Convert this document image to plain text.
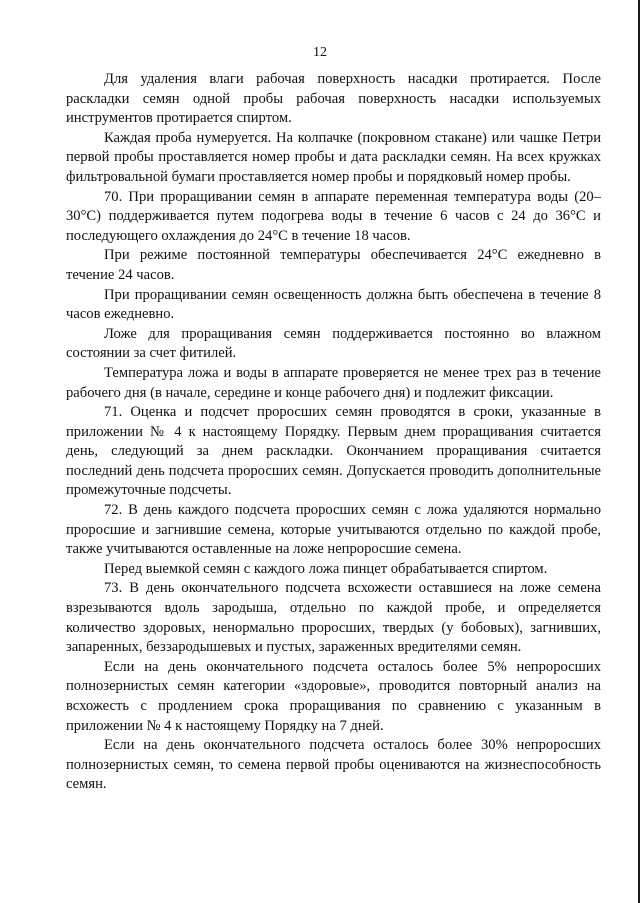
12

Для удаления влаги рабочая поверхность насадки протирается. После раскладки семян одной пробы рабочая поверхность насадки используемых инструментов протирается спиртом.

Каждая проба нумеруется. На колпачке (покровном стакане) или чашке Петри первой пробы проставляется номер пробы и дата раскладки семян. На всех кружках фильтровальной бумаги проставляется номер пробы и порядковый номер пробы.

70. При проращивании семян в аппарате переменная температура воды (20–30°С) поддерживается путем подогрева воды в течение 6 часов с 24 до 36°С и последующего охлаждения до 24°С в течение 18 часов.

При режиме постоянной температуры обеспечивается 24°С ежедневно в течение 24 часов.

При проращивании семян освещенность должна быть обеспечена в течение 8 часов ежедневно.

Ложе для проращивания семян поддерживается постоянно во влажном состоянии за счет фитилей.

Температура ложа и воды в аппарате проверяется не менее трех раз в течение рабочего дня (в начале, середине и конце рабочего дня) и подлежит фиксации.

71. Оценка и подсчет проросших семян проводятся в сроки, указанные в приложении № 4 к настоящему Порядку. Первым днем проращивания считается день, следующий за днем раскладки. Окончанием проращивания считается последний день подсчета проросших семян. Допускается проводить дополнительные промежуточные подсчеты.

72. В день каждого подсчета проросших семян с ложа удаляются нормально проросшие и загнившие семена, которые учитываются отдельно по каждой пробе, также учитываются оставленные на ложе непроросшие семена.

Перед выемкой семян с каждого ложа пинцет обрабатывается спиртом.

73. В день окончательного подсчета всхожести оставшиеся на ложе семена взрезываются вдоль зародыша, отдельно по каждой пробе, и определяется количество здоровых, ненормально проросших, твердых (у бобовых), загнивших, запаренных, беззародышевых и пустых, зараженных вредителями семян.

Если на день окончательного подсчета осталось более 5% непроросших полнозернистых семян категории «здоровые», проводится повторный анализ на всхожесть с продлением срока проращивания по сравнению с указанным в приложении № 4 к настоящему Порядку на 7 дней.

Если на день окончательного подсчета осталось более 30% непроросших полнозернистых семян, то семена первой пробы оцениваются на жизнеспособность семян.
